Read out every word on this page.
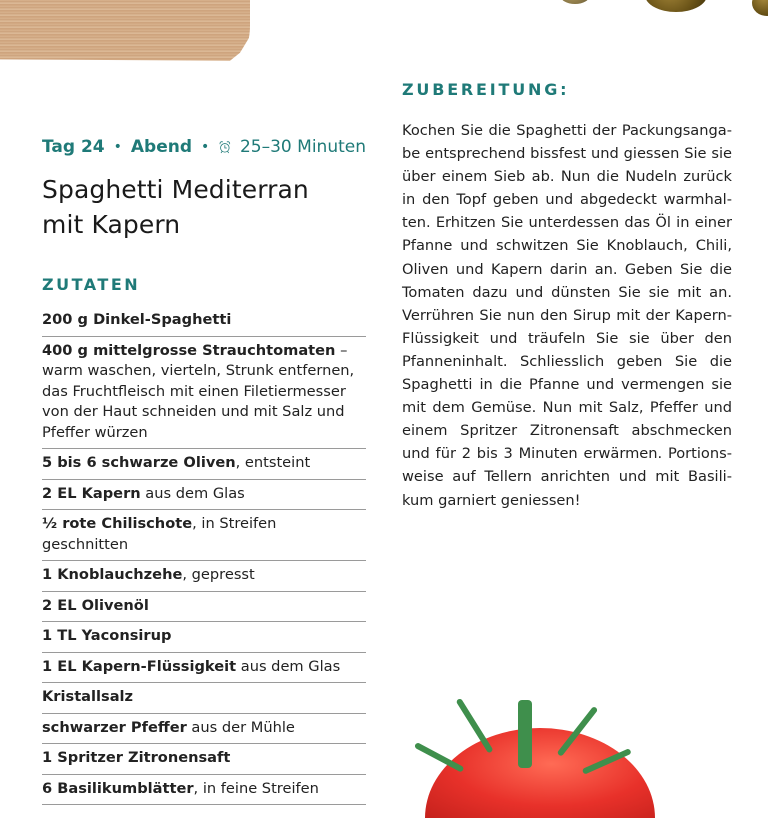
Tag 24 • Abend • 25–30 Minuten
Spaghetti Mediterran
mit Kapern
ZUTATEN
200 g Dinkel-Spaghetti
400 g mittelgrosse Strauchtomaten – warm waschen, vierteln, Strunk entfernen, das Fruchtfleisch mit einen Filetiermesser von der Haut schneiden und mit Salz und Pfeffer würzen
5 bis 6 schwarze Oliven, entsteint
2 EL Kapern aus dem Glas
½ rote Chilischote, in Streifen geschnitten
1 Knoblauchzehe, gepresst
2 EL Olivenöl
1 TL Yaconsirup
1 EL Kapern-Flüssigkeit aus dem Glas
Kristallsalz
schwarzer Pfeffer aus der Mühle
1 Spritzer Zitronensaft
6 Basilikumblätter, in feine Streifen
ZUBEREITUNG:

Kochen Sie die Spaghetti der Packungsangabe entsprechend bissfest und giessen Sie sie über einem Sieb ab. Nun die Nudeln zurück in den Topf geben und abgedeckt warmhalten. Erhitzen Sie unterdessen das Öl in einer Pfanne und schwitzen Sie Knoblauch, Chili, Oliven und Kapern darin an. Geben Sie die Tomaten dazu und dünsten Sie sie mit an. Verrühren Sie nun den Sirup mit der Kapern-Flüssigkeit und träufeln Sie sie über den Pfanneninhalt. Schliesslich geben Sie die Spaghetti in die Pfanne und vermengen sie mit dem Gemüse. Nun mit Salz, Pfeffer und einem Spritzer Zitronensaft abschmecken und für 2 bis 3 Minuten erwärmen. Portionsweise auf Tellern anrichten und mit Basilikum garniert geniessen!
